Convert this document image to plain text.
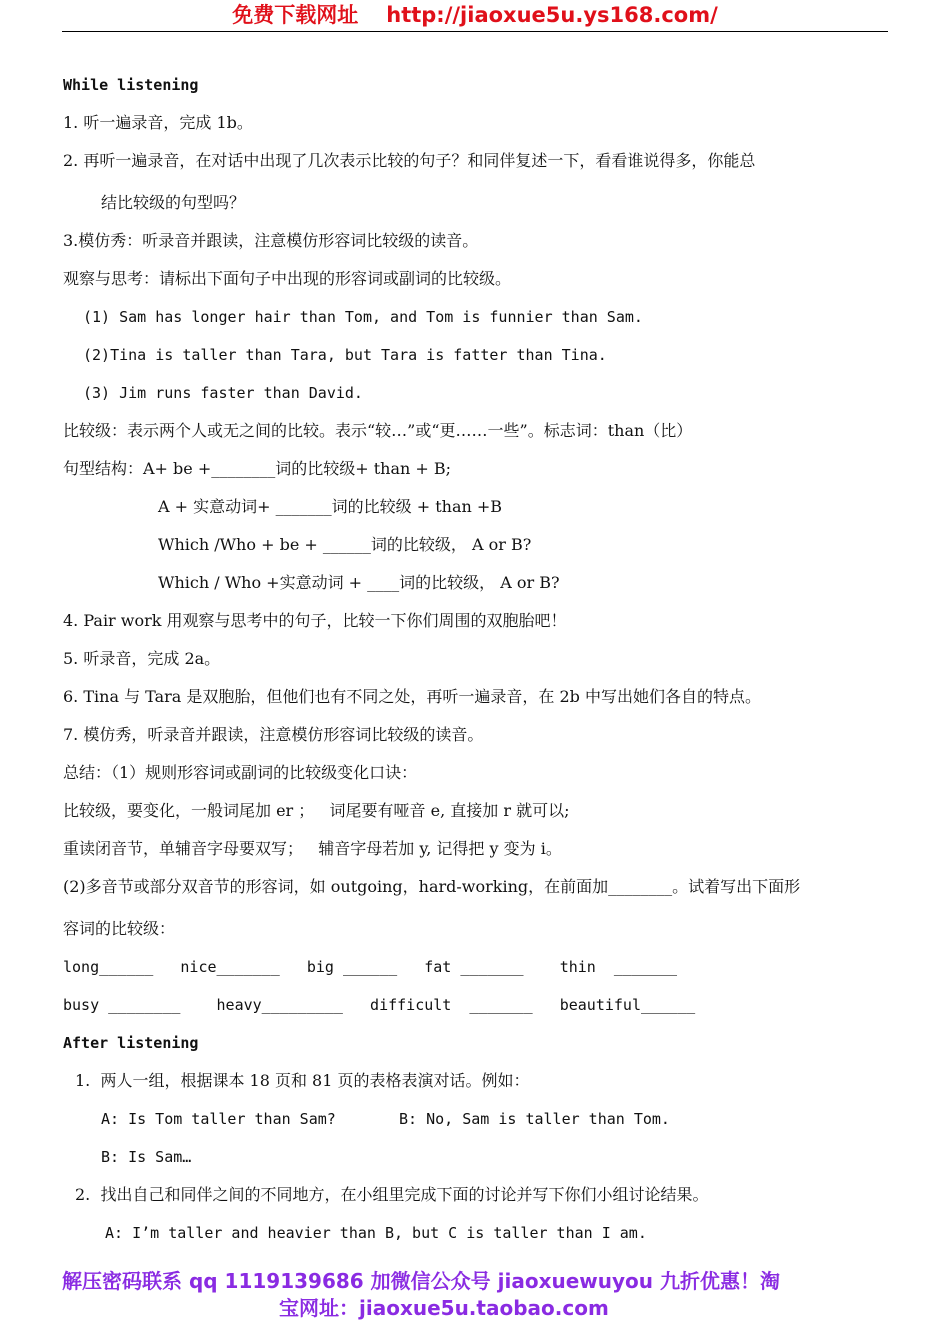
免费下载网址 http://jiaoxue5u.ys168.com/
While listening
1. 听一遍录音，完成 1b。
2. 再听一遍录音，在对话中出现了几次表示比较的句子？和同伴复述一下，看看谁说得多，你能总
结比较级的句型吗？
3.模仿秀：听录音并跟读，注意模仿形容词比较级的读音。
观察与思考：请标出下面句子中出现的形容词或副词的比较级。
(1) Sam has longer hair than Tom, and Tom is funnier than Sam.
(2)Tina is taller than Tara, but Tara is fatter than Tina.
(3) Jim runs faster than David.
比较级：表示两个人或无之间的比较。表示“较…”或“更……一些”。标志词：than（比）
句型结构：A+ be +________词的比较级+ than + B;
A + 实意动词+ _______词的比较级 + than +B
Which /Who + be + ______词的比较级， A or B?
Which / Who +实意动词 + ____词的比较级， A or B?
4. Pair work 用观察与思考中的句子，比较一下你们周围的双胞胎吧！
5. 听录音，完成 2a。
6. Tina 与 Tara 是双胞胎，但他们也有不同之处，再听一遍录音，在 2b 中写出她们各自的特点。
7. 模仿秀，听录音并跟读，注意模仿形容词比较级的读音。
总结：（1）规则形容词或副词的比较级变化口诀：
比较级，要变化，一般词尾加 er ；   词尾要有哑音 e, 直接加 r 就可以;
重读闭音节，单辅音字母要双写；   辅音字母若加 y, 记得把 y 变为 i。
(2)多音节或部分双音节的形容词，如 outgoing，hard-working，在前面加________。试着写出下面形
容词的比较级：
long______   nice_______   big ______   fat _______    thin  _______
busy ________    heavy_________   difficult  _______   beautiful______
After listening
1.  两人一组，根据课本 18 页和 81 页的表格表演对话。例如：
A: Is Tom taller than Sam?       B: No, Sam is taller than Tom.
B: Is Sam…
2.  找出自己和同伴之间的不同地方，在小组里完成下面的讨论并写下你们小组讨论结果。
A: I’m taller and heavier than B, but C is taller than I am.
解压密码联系 qq 1119139686 加微信公众号 jiaoxuewuyou 九折优惠！淘
宝网址：jiaoxue5u.taobao.com
